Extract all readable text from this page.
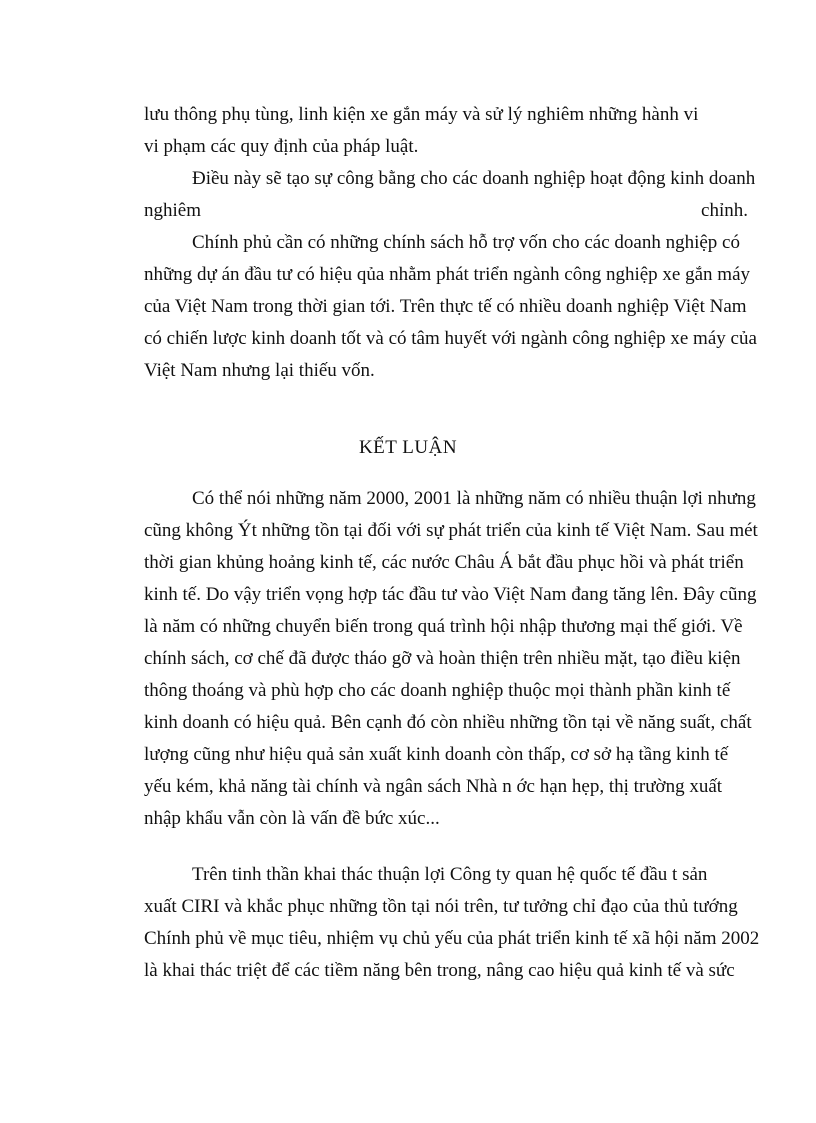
lưu thông phụ tùng, linh kiện xe gắn máy và sử lý nghiêm những hành vi
vi phạm các quy định của pháp luật.
Điều này sẽ tạo sự công bằng cho các doanh nghiệp hoạt động kinh doanh
nghiêm	chỉnh.
Chính phủ cần có những chính sách hỗ trợ vốn cho các doanh nghiệp có
những dự án đầu tư có hiệu qủa nhằm phát triển ngành công nghiệp xe gắn máy
của Việt Nam trong thời gian tới. Trên thực tế có nhiều doanh nghiệp Việt Nam
có chiến lược kinh doanh tốt và có tâm huyết với ngành công nghiệp xe máy của
Việt Nam nhưng lại thiếu vốn.
KẾT LUẬN
Có thể nói những năm 2000, 2001 là những năm có nhiều thuận lợi nhưng
cũng không Ýt những tồn tại đối với sự phát triển của kinh tế Việt Nam. Sau mét
thời gian khủng hoảng kinh tế, các nước Châu Á bắt đầu phục hồi và phát triển
kinh tế. Do vậy triển vọng hợp tác đầu tư vào Việt Nam đang tăng lên. Đây cũng
là năm có những chuyển biến trong quá trình hội nhập thương mại thế giới. Về
chính sách, cơ chế đã được tháo gỡ và hoàn thiện trên nhiều mặt, tạo điều kiện
thông thoáng và phù hợp cho các doanh nghiệp thuộc mọi thành phần kinh tế
kinh doanh có hiệu quả. Bên cạnh đó còn nhiều những tồn tại về năng suất, chất
lượng cũng như hiệu quả sản xuất kinh doanh còn thấp, cơ sở hạ tầng kinh tế
yếu kém, khả năng tài chính và ngân sách Nhà n ớc hạn hẹp, thị trường xuất
nhập khẩu vẫn còn là vấn đề bức xúc...
Trên tinh thần khai thác thuận lợi Công ty quan hệ quốc tế đầu t sản
xuất CIRI và khắc phục những tồn tại nói trên, tư tưởng chỉ đạo của thủ tướng
Chính phủ về mục tiêu, nhiệm vụ chủ yếu của phát triển kinh tế xã hội năm 2002
là khai thác triệt để các tiềm năng bên trong, nâng cao hiệu quả kinh tế và sức
